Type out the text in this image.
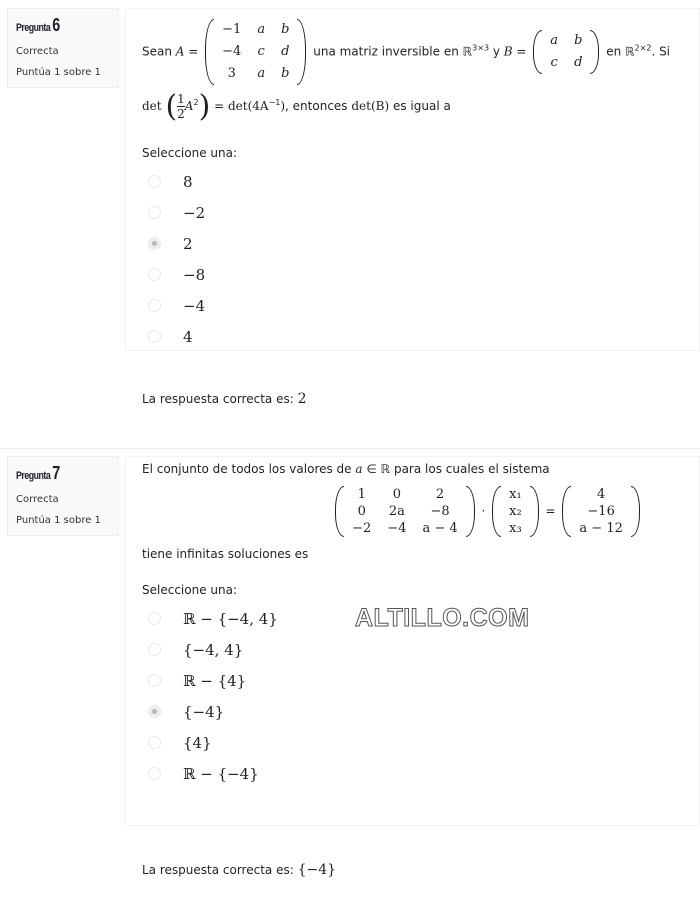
Pregunta 6
Correcta
Puntúa 1 sobre 1
Sean A =
−1	a	b
−4	c	d
3	a	b
una matriz inversible en ℝ$^{3\times 3}$ y B =
a	b
c	d
en ℝ$^{2\times 2}$. Si
det ( $\frac{1}{2} A^2) = \det(4A^{-1})$, entonces det(B) es igual a
Seleccione una:
8
−2
2
−8
−4
4
La respuesta correcta es: 2
Pregunta 7
Correcta
Puntúa 1 sobre 1
El conjunto de todos los valores de a ∈ ℝ para los cuales el sistema
1	0	2
0	2a	−8
−2	−4	a − 4
·
x₁
x₂
x₃
=
4
−16
a − 12
tiene infinitas soluciones es
Seleccione una:
ℝ − {−4, 4}
{−4, 4}
ℝ − {4}
{−4}
{4}
ℝ − {−4}
La respuesta correcta es: {−4}
ALTILLO.COM
